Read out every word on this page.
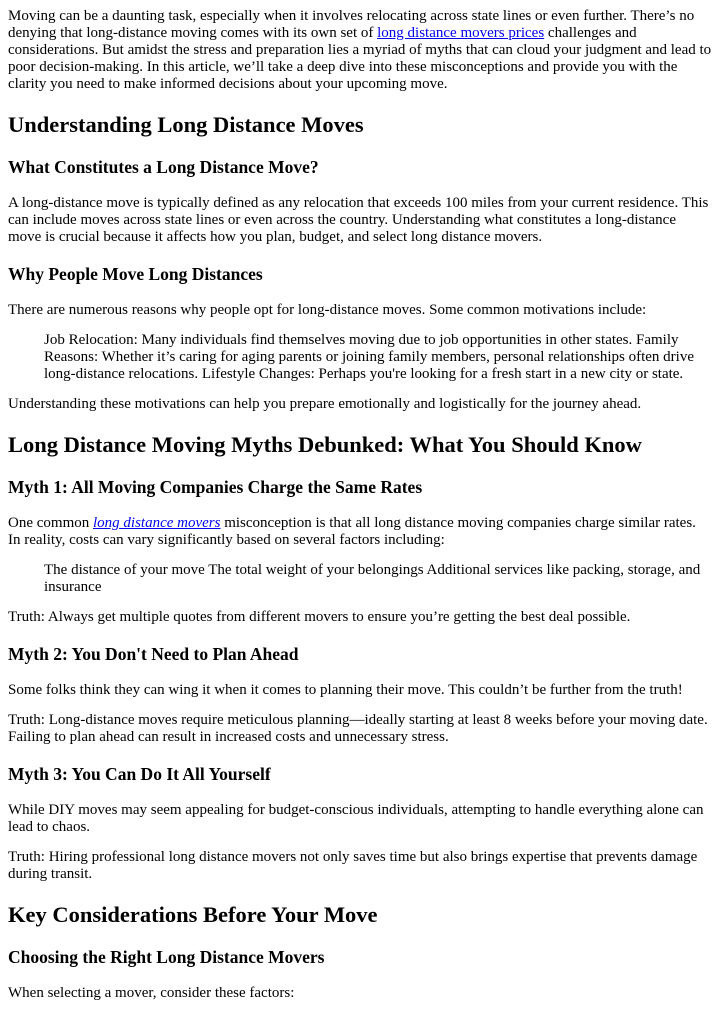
Moving can be a daunting task, especially when it involves relocating across state lines or even further. There’s no denying that long-distance moving comes with its own set of long distance movers prices challenges and considerations. But amidst the stress and preparation lies a myriad of myths that can cloud your judgment and lead to poor decision-making. In this article, we’ll take a deep dive into these misconceptions and provide you with the clarity you need to make informed decisions about your upcoming move.

Understanding Long Distance Moves
What Constitutes a Long Distance Move?

A long-distance move is typically defined as any relocation that exceeds 100 miles from your current residence. This can include moves across state lines or even across the country. Understanding what constitutes a long-distance move is crucial because it affects how you plan, budget, and select long distance movers.

Why People Move Long Distances

There are numerous reasons why people opt for long-distance moves. Some common motivations include:

Job Relocation: Many individuals find themselves moving due to job opportunities in other states. Family Reasons: Whether it’s caring for aging parents or joining family members, personal relationships often drive long-distance relocations. Lifestyle Changes: Perhaps you're looking for a fresh start in a new city or state.

Understanding these motivations can help you prepare emotionally and logistically for the journey ahead.

Long Distance Moving Myths Debunked: What You Should Know
Myth 1: All Moving Companies Charge the Same Rates

One common long distance movers misconception is that all long distance moving companies charge similar rates. In reality, costs can vary significantly based on several factors including:

The distance of your move The total weight of your belongings Additional services like packing, storage, and insurance

Truth: Always get multiple quotes from different movers to ensure you’re getting the best deal possible.

Myth 2: You Don't Need to Plan Ahead

Some folks think they can wing it when it comes to planning their move. This couldn’t be further from the truth!

Truth: Long-distance moves require meticulous planning—ideally starting at least 8 weeks before your moving date. Failing to plan ahead can result in increased costs and unnecessary stress.

Myth 3: You Can Do It All Yourself

While DIY moves may seem appealing for budget-conscious individuals, attempting to handle everything alone can lead to chaos.

Truth: Hiring professional long distance movers not only saves time but also brings expertise that prevents damage during transit.

Key Considerations Before Your Move
Choosing the Right Long Distance Movers

When selecting a mover, consider these factors:
